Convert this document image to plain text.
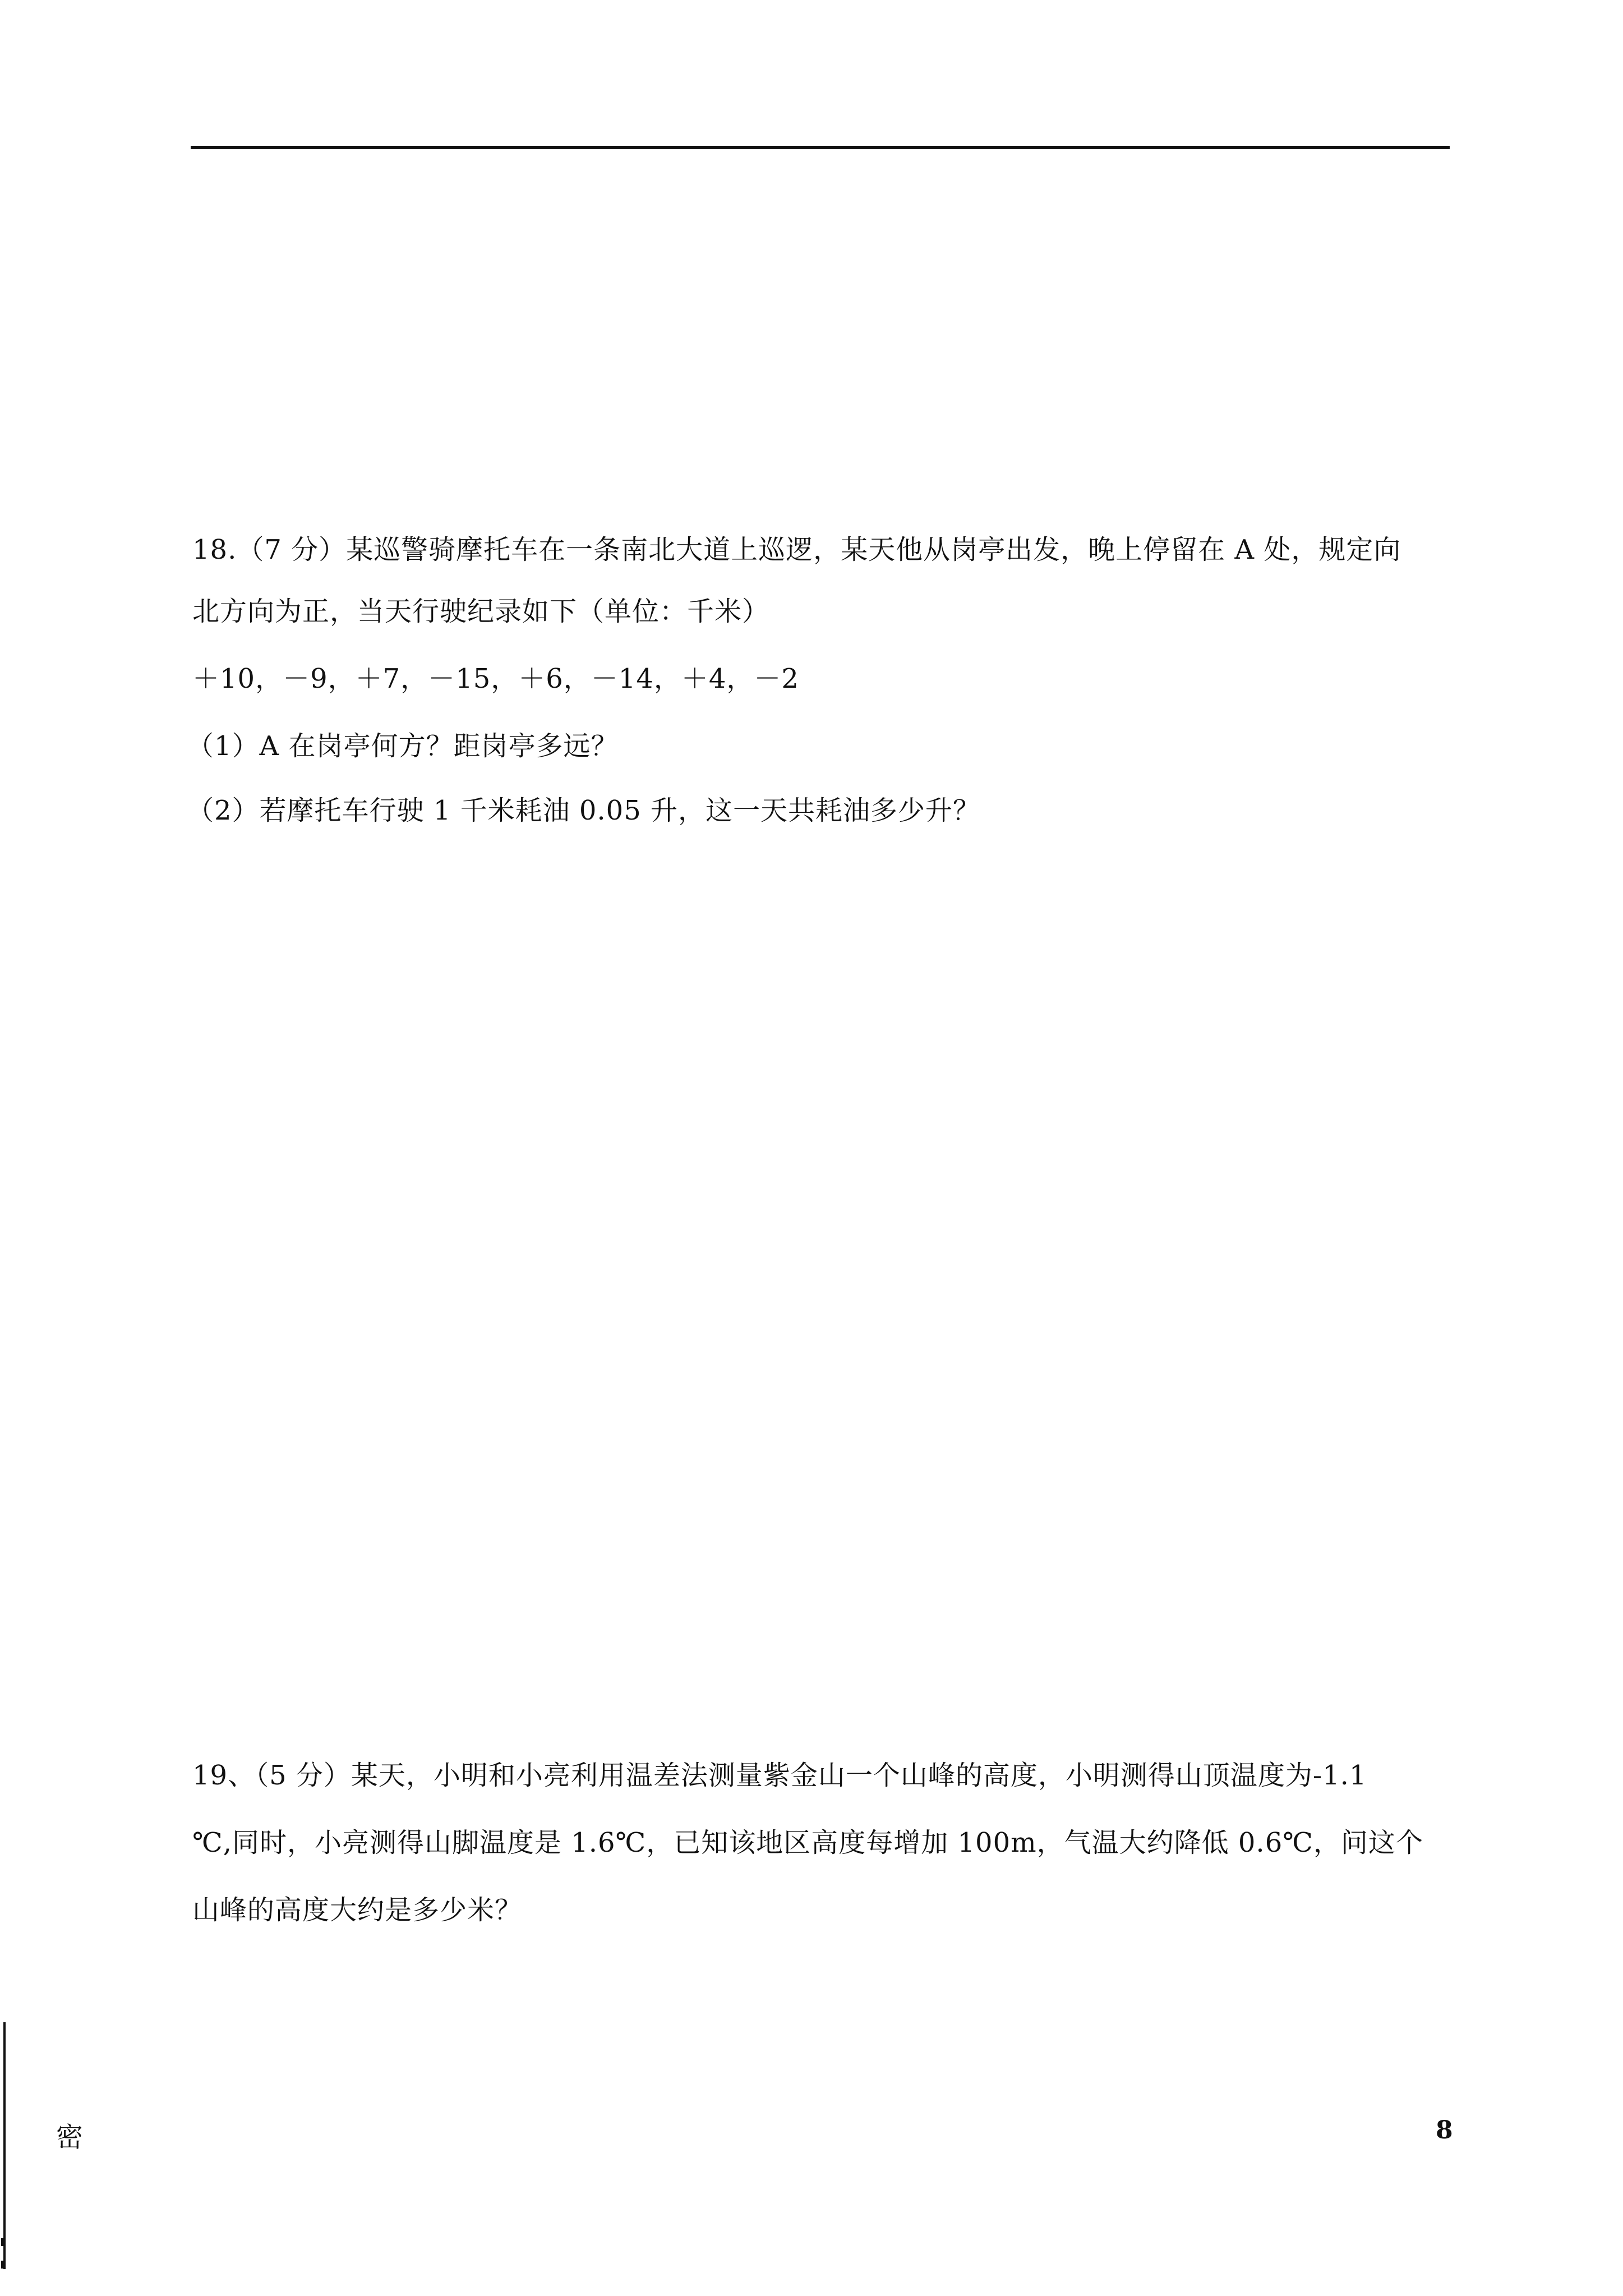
18.（7 分）某巡警骑摩托车在一条南北大道上巡逻，某天他从岗亭出发，晚上停留在 A 处，规定向
北方向为正，当天行驶纪录如下（单位：千米）
＋10，－9，＋7，－15，＋6，－14，＋4，－2
（1）A 在岗亭何方？距岗亭多远？
（2）若摩托车行驶 1 千米耗油 0.05 升，这一天共耗油多少升？
19、（5 分）某天，小明和小亮利用温差法测量紫金山一个山峰的高度，小明测得山顶温度为-1.1
℃,同时，小亮测得山脚温度是 1.6℃，已知该地区高度每增加 100m，气温大约降低 0.6℃，问这个
山峰的高度大约是多少米？
密	8
